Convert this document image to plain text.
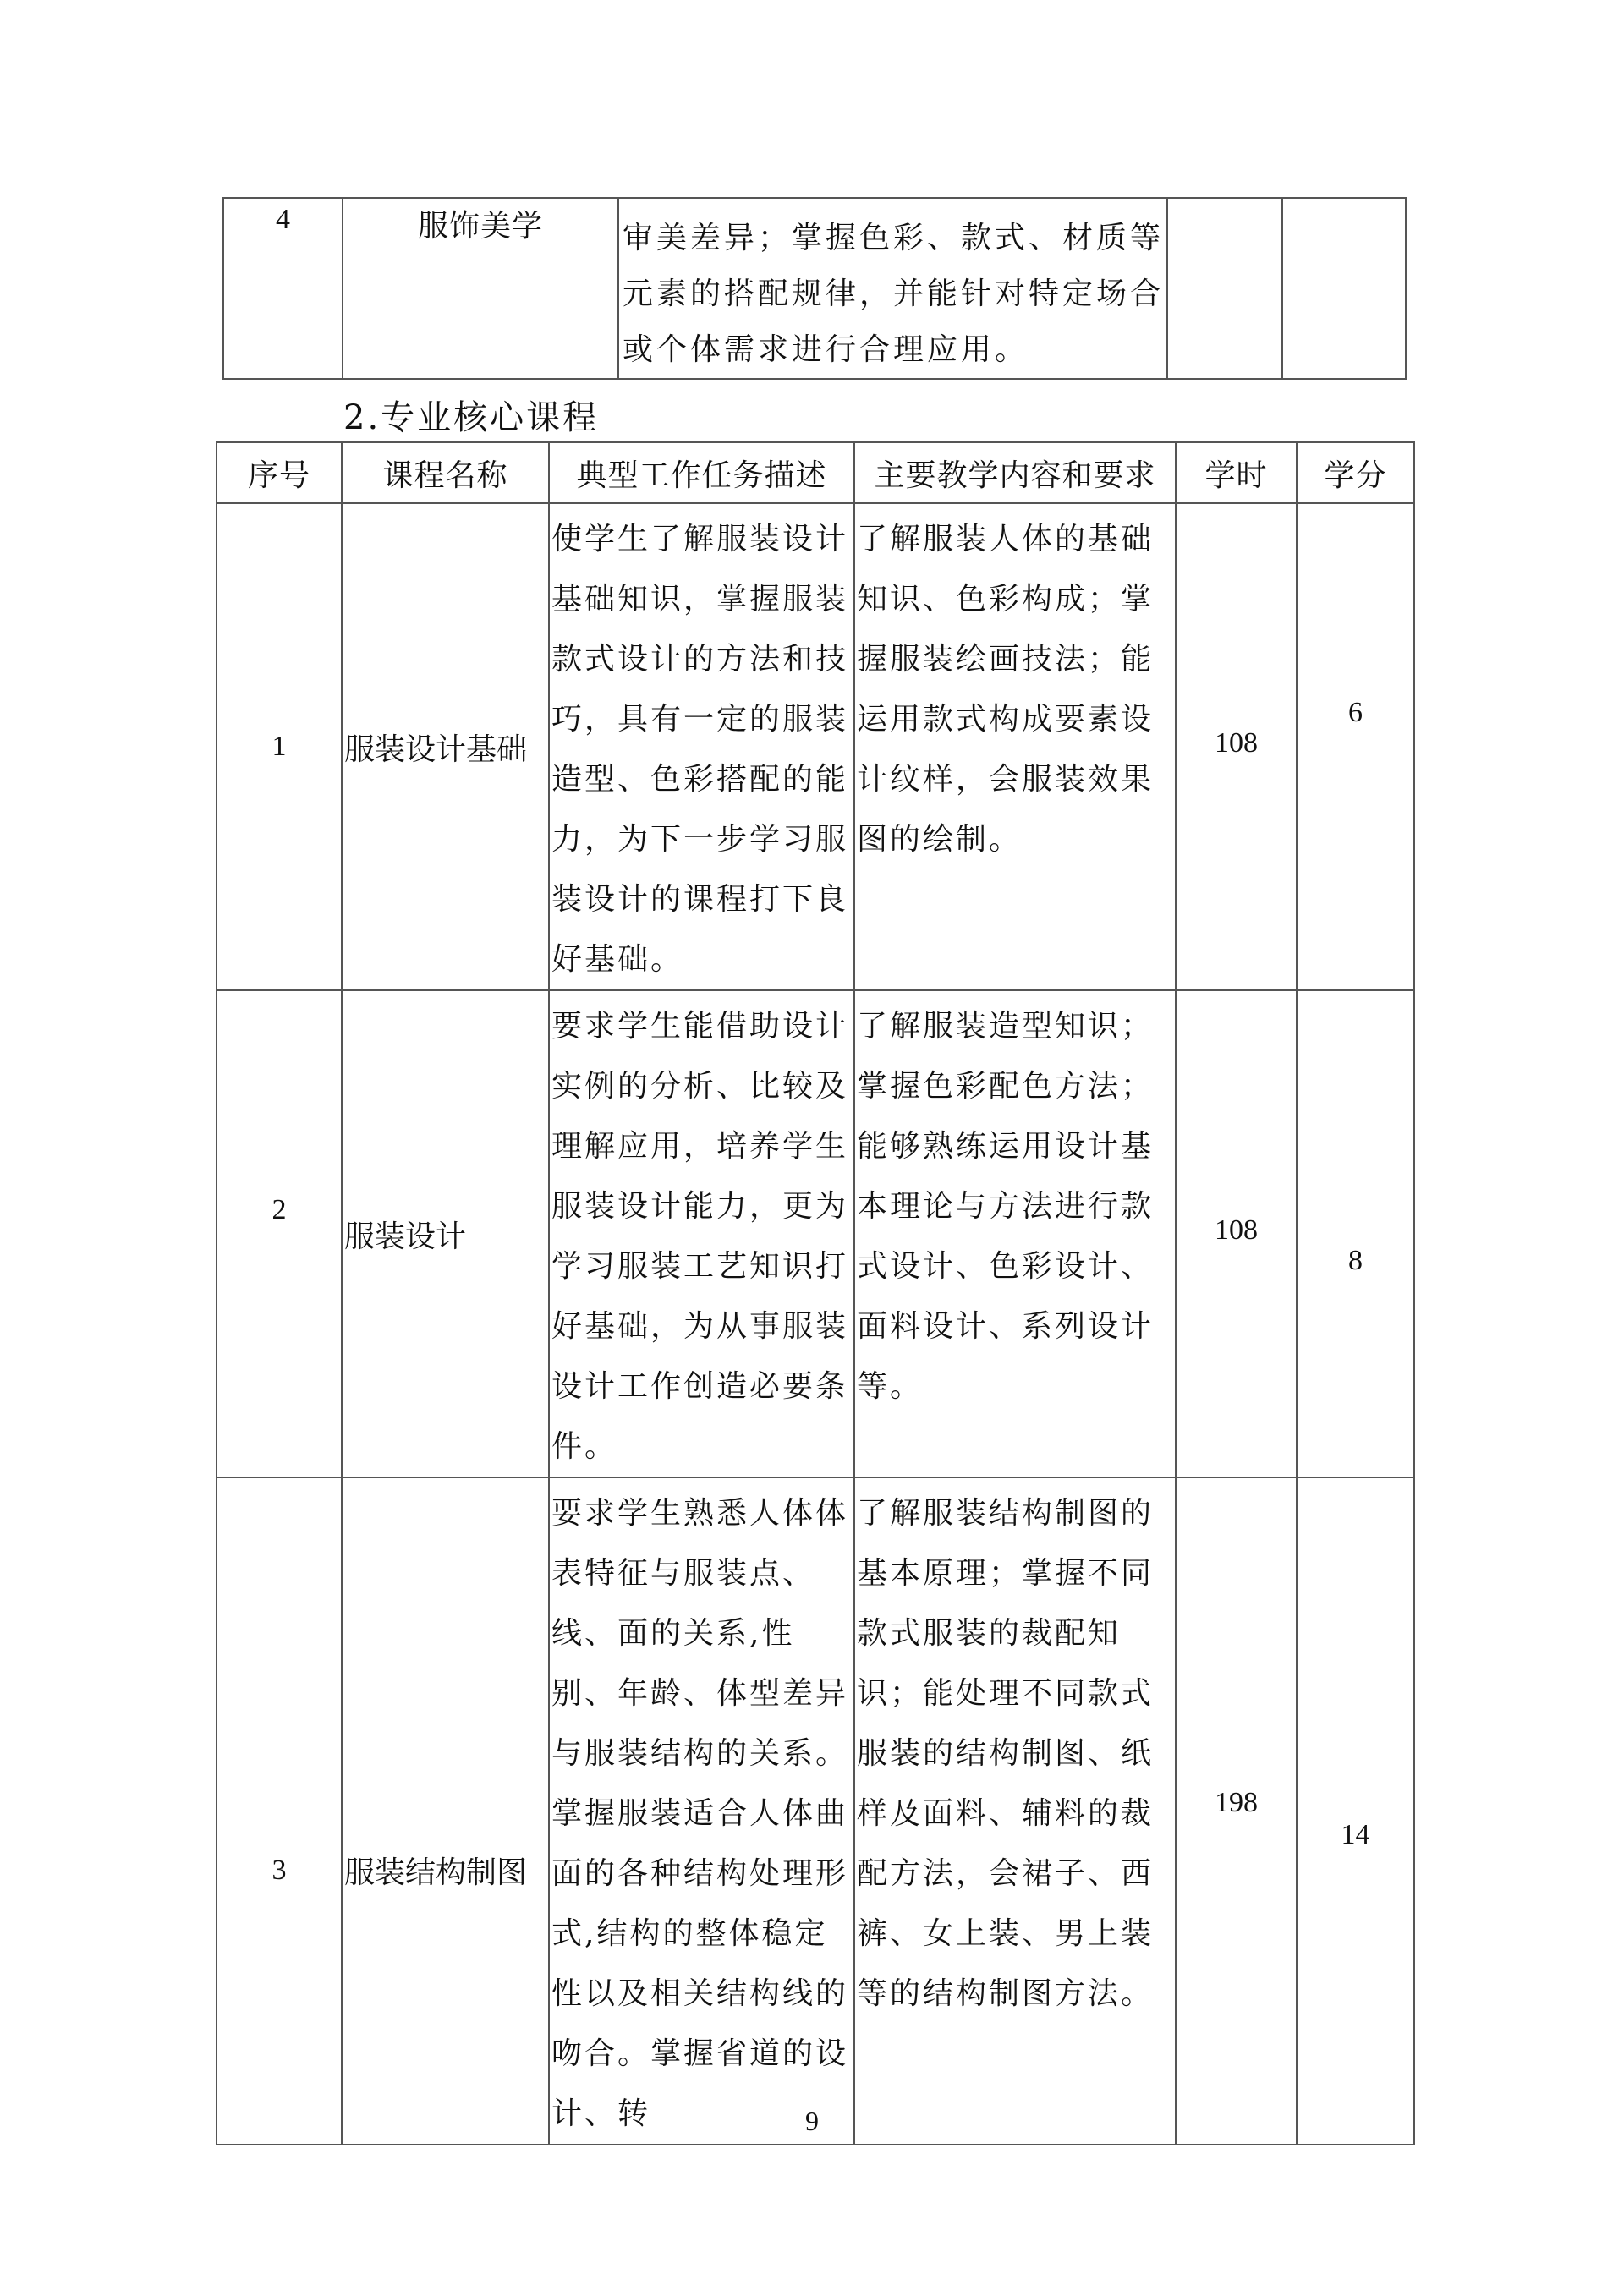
4	服饰美学	审美差异；掌握色彩、款式、材质等元素的搭配规律，并能针对特定场合或个体需求进行合理应用。		
2.专业核心课程
序号	课程名称	典型工作任务描述	主要教学内容和要求	学时	学分
1	服装设计基础	使学生了解服装设计基础知识，掌握服装款式设计的方法和技巧，具有一定的服装造型、色彩搭配的能力，为下一步学习服装设计的课程打下良好基础。	了解服装人体的基础知识、色彩构成；掌握服装绘画技法；能运用款式构成要素设计纹样，会服装效果图的绘制。	108	6
2	服装设计	要求学生能借助设计实例的分析、比较及理解应用，培养学生服装设计能力，更为学习服装工艺知识打好基础，为从事服装设计工作创造必要条件。	了解服装造型知识；掌握色彩配色方法；能够熟练运用设计基本理论与方法进行款式设计、色彩设计、面料设计、系列设计等。	108	8
3	服装结构制图	要求学生熟悉人体体表特征与服装点、线、面的关系,性别、年龄、体型差异与服装结构的关系。掌握服装适合人体曲面的各种结构处理形式,结构的整体稳定性以及相关结构线的吻合。掌握省道的设计、转	了解服装结构制图的基本原理；掌握不同款式服装的裁配知识；能处理不同款式服装的结构制图、纸样及面料、辅料的裁配方法，会裙子、西裤、女上装、男上装等的结构制图方法。	198	14
9
